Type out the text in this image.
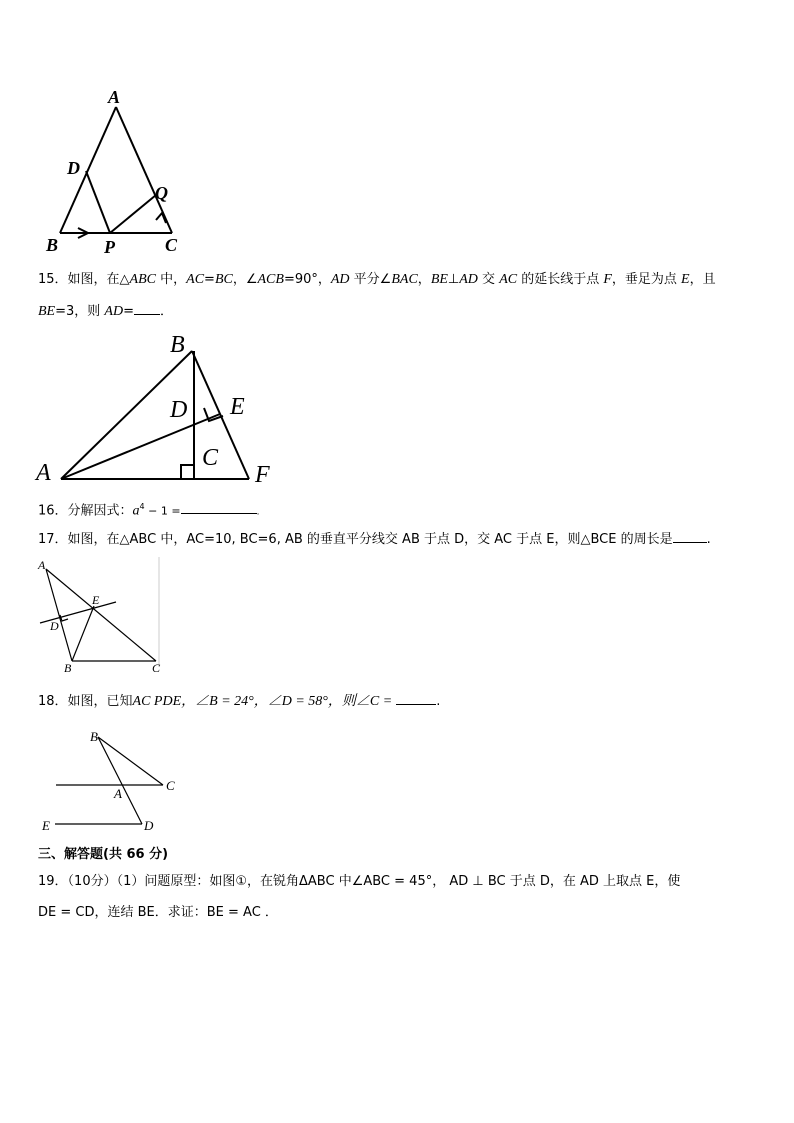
A
D
Q
B	P	C
15．如图，在△ABC 中，AC=BC，∠ACB=90°，AD 平分∠BAC，BE⊥AD 交 AC 的延长线于点 F，垂足为点 E，且
BE=3，则 AD= ．
B
D E
C
A	F
16．分解因式：$a^4 - 1$ =	.
17．如图，在△ABC 中，AC=10, BC=6, AB 的垂直平分线交 AB 于点 D，交 AC 于点 E，则△BCE 的周长是	.
A
E
D
B	C
18．如图，已知AC PDE，∠B = 24°，∠D = 58°，则∠C =	.
B
C
A
E	D
三、解答题(共 66 分)
19．（10分）（1）问题原型：如图①，在锐角ΔABC 中∠ABC = 45°， AD ⊥ BC 于点 D，在 AD 上取点 E，使
DE = CD，连结 BE．求证：BE = AC ．
